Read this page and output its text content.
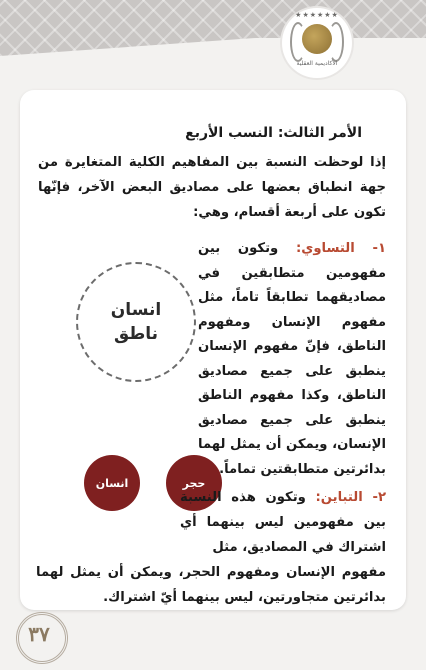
★★★★★★
الأكاديمية العقلية
الأمر الثالث: النسب الأربع
إذا لوحظت النسبة بين المفاهيم الكلية المتغايرة من جهة انطباق بعضها على مصاديق البعض الآخر، فإنّها تكون على أربعة أقسام، وهي:
١- التساوي: وتكون بين مفهومين متطابقين في مصاديقهما تطابقاً تاماً، مثل مفهوم الإنسان ومفهوم الناطق، فإنّ مفهوم الإنسان ينطبق على جميع مصاديق الناطق، وكذا مفهوم الناطق ينطبق على جميع مصاديق الإنسان، ويمكن أن يمثل لهما بدائرتين متطابقتين تماماً.
انسان
ناطق
حجر
انسان
٢- التباين: وتكون هذه النسبة بين مفهومين ليس بينهما أي اشتراك في المصاديق، مثل
مفهوم الإنسان ومفهوم الحجر، ويمكن أن يمثل لهما بدائرتين متجاورتين، ليس بينهما أيّ اشتراك.
٣٧
